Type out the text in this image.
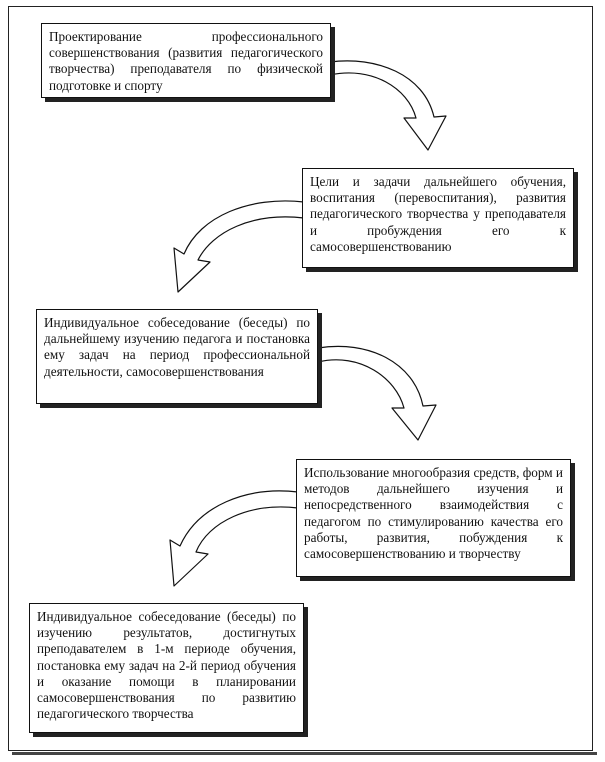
Проектирование профессионального совершенствования (развития педагогического творчества) преподавателя по физической подготовке и спорту
Цели и задачи дальнейшего обучения, воспитания (перевоспитания), развития педагогического творчества у преподавателя и пробуждения его к самосовершенствованию
Индивидуальное собеседование (беседы) по дальнейшему изучению педагога и постановка ему задач на период профессиональной деятельности, самосовершенствования
Использование многообразия средств, форм и методов дальнейшего изучения и непосредственного взаимодействия с педагогом по стимулированию качества его работы, развития, побуждения к самосовершенствованию и творчеству
Индивидуальное собеседование (беседы) по изучению результатов, достигнутых преподавателем в 1-м периоде обучения, постановка ему задач на 2-й период обучения и оказание помощи в планировании самосовершенствования по развитию педагогического творчества
